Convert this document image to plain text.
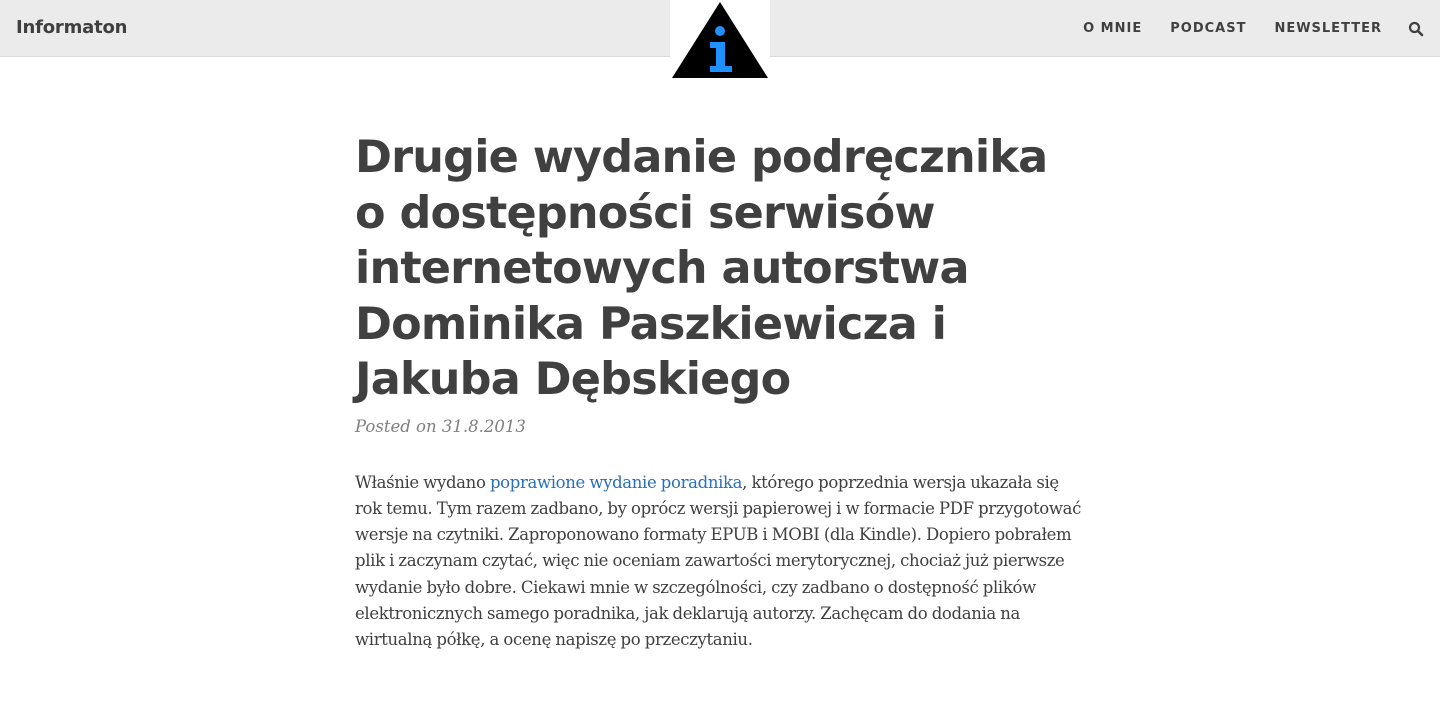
Informaton	O MNIE PODCAST NEWSLETTER
Drugie wydanie podręcznika o dostępności serwisów internetowych autorstwa Dominika Paszkiewicza i Jakuba Dębskiego
Posted on 31.8.2013

Właśnie wydano poprawione wydanie poradnika, którego poprzednia wersja ukazała się rok temu. Tym razem zadbano, by oprócz wersji papierowej i w formacie PDF przygotować wersje na czytniki. Zaproponowano formaty EPUB i MOBI (dla Kindle). Dopiero pobrałem plik i zaczynam czytać, więc nie oceniam zawartości merytorycznej, chociaż już pierwsze wydanie było dobre. Ciekawi mnie w szczególności, czy zadbano o dostępność plików elektronicznych samego poradnika, jak deklarują autorzy. Zachęcam do dodania na wirtualną półkę, a ocenę napiszę po przeczytaniu.
